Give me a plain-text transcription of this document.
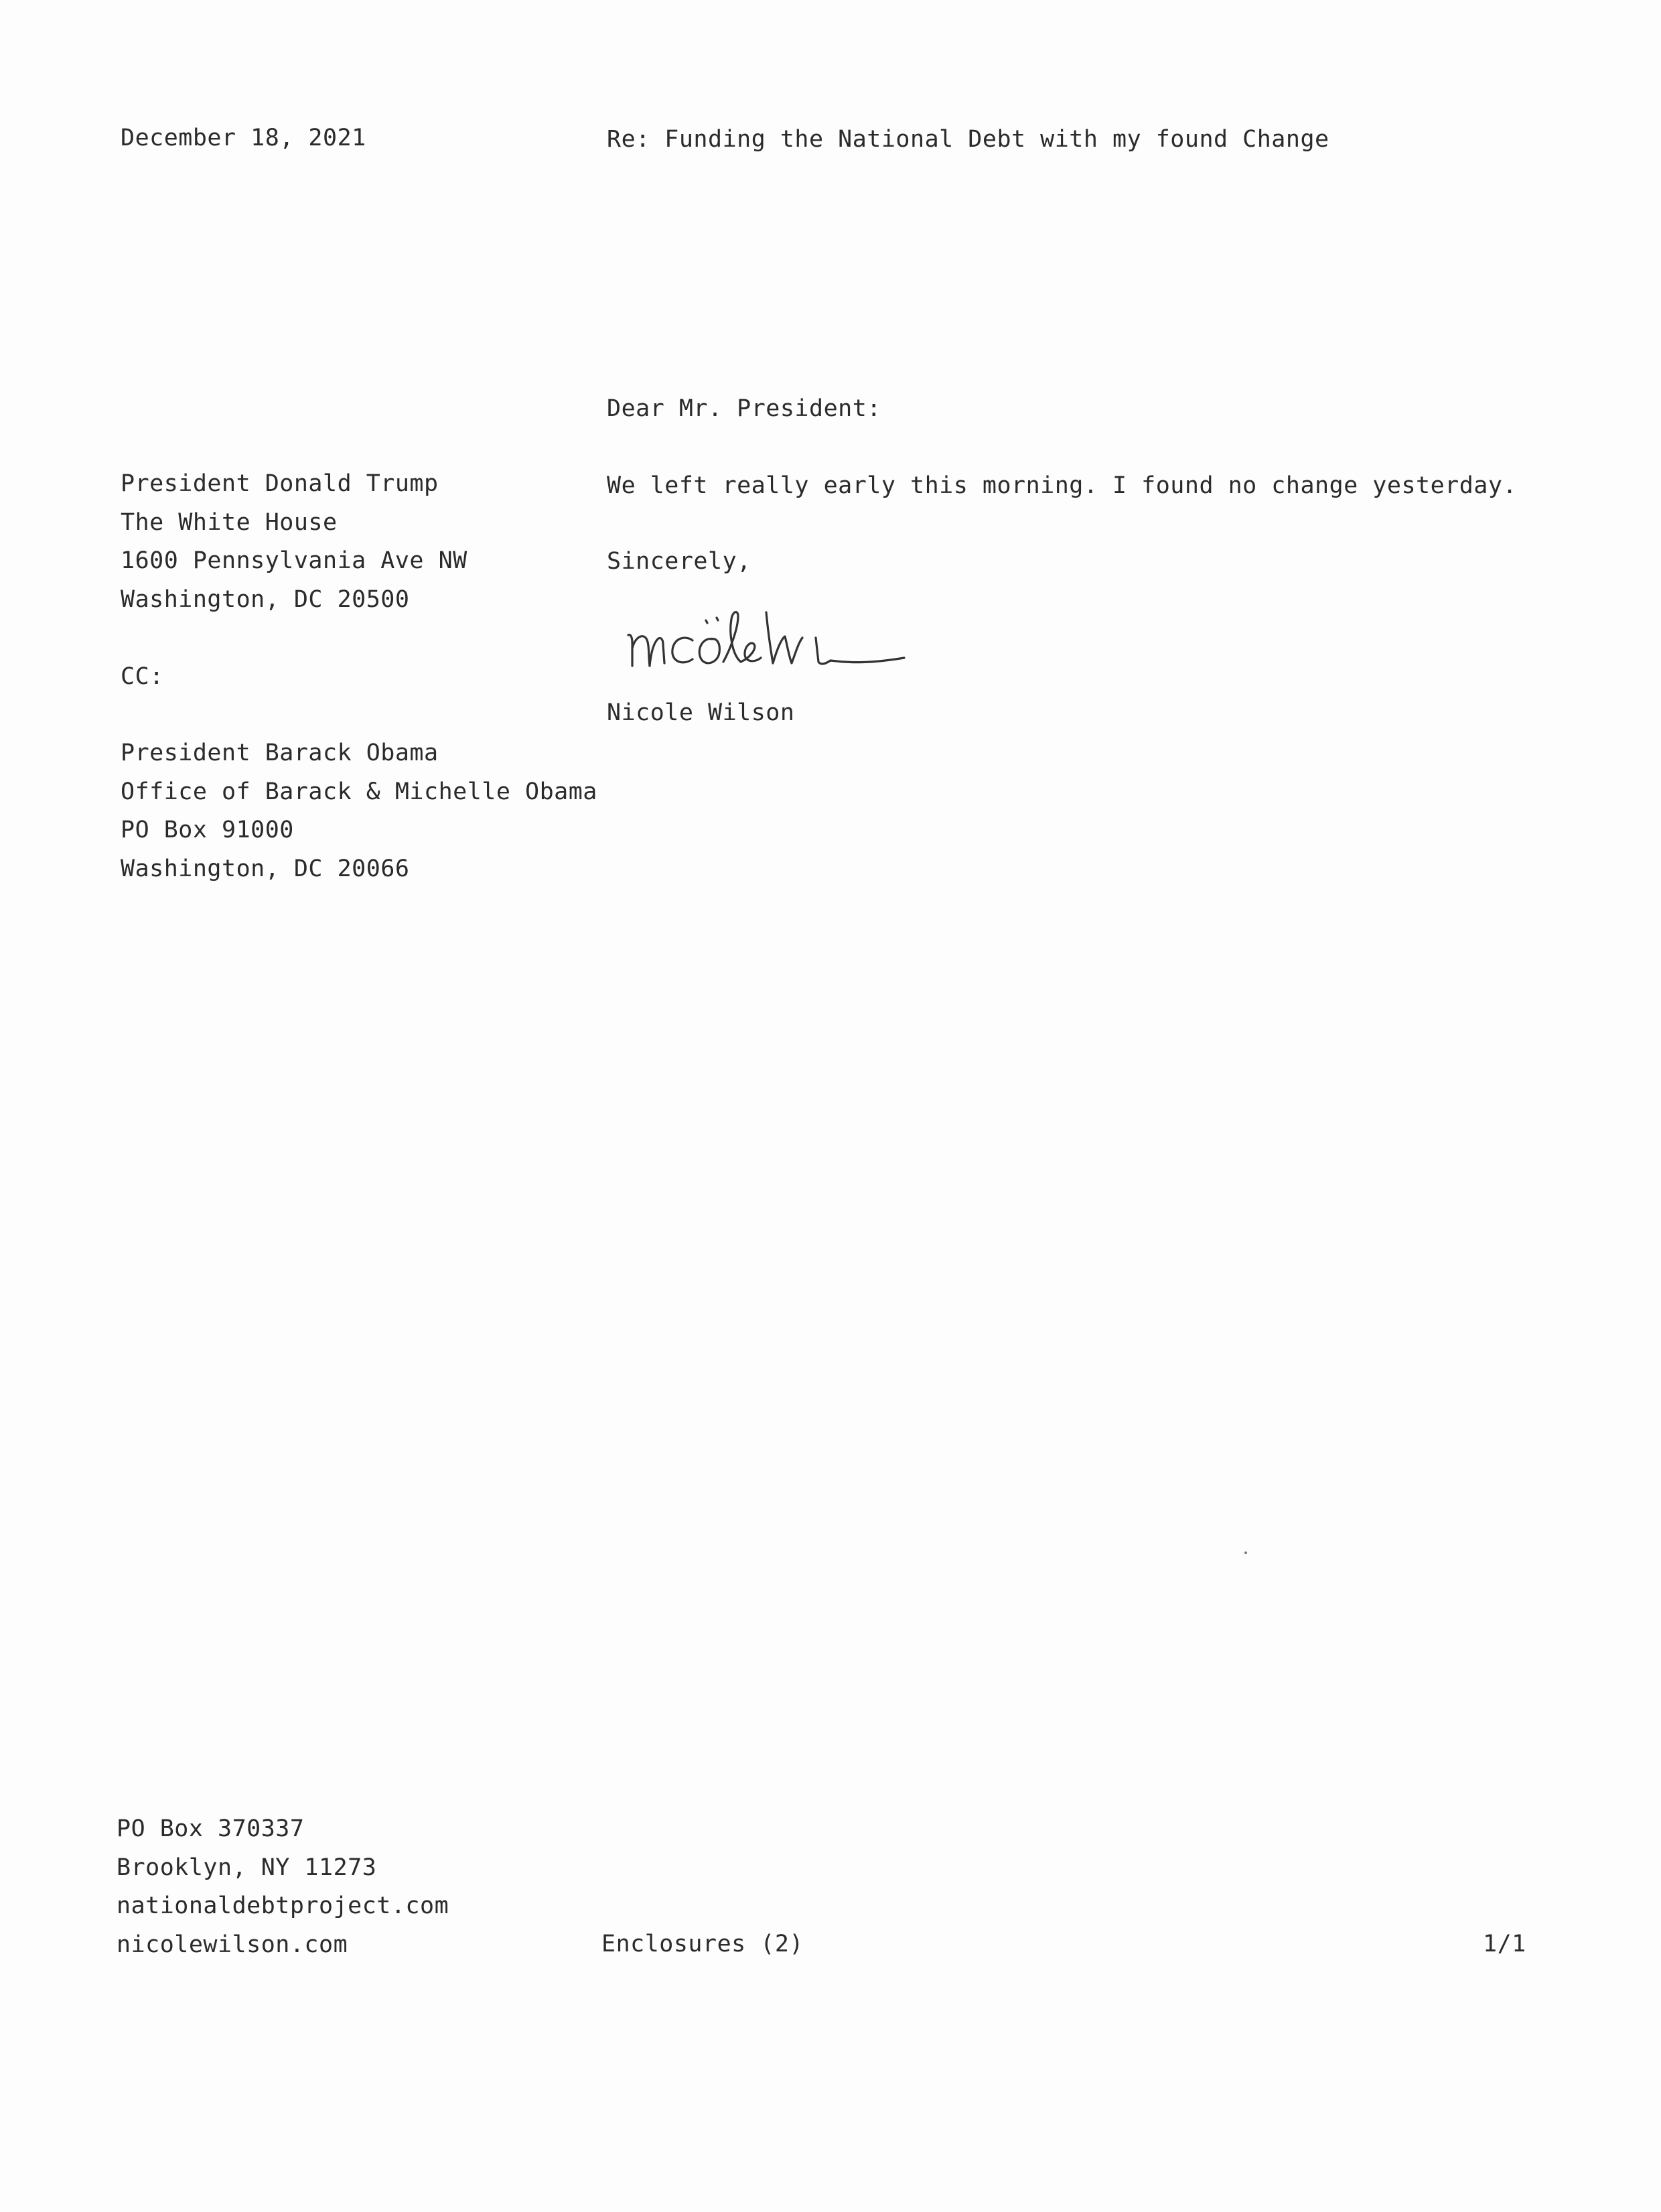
December 18, 2021	Re: Funding the National Debt with my found Change
Dear Mr. President:
We left really early this morning. I found no change yesterday.
Sincerely,
Nicole Wilson
President Donald Trump
The White House
1600 Pennsylvania Ave NW
Washington, DC 20500
CC:
President Barack Obama
Office of Barack & Michelle Obama
PO Box 91000
Washington, DC 20066
PO Box 370337
Brooklyn, NY 11273
nationaldebtproject.com
nicolewilson.com	Enclosures (2)	1/1
